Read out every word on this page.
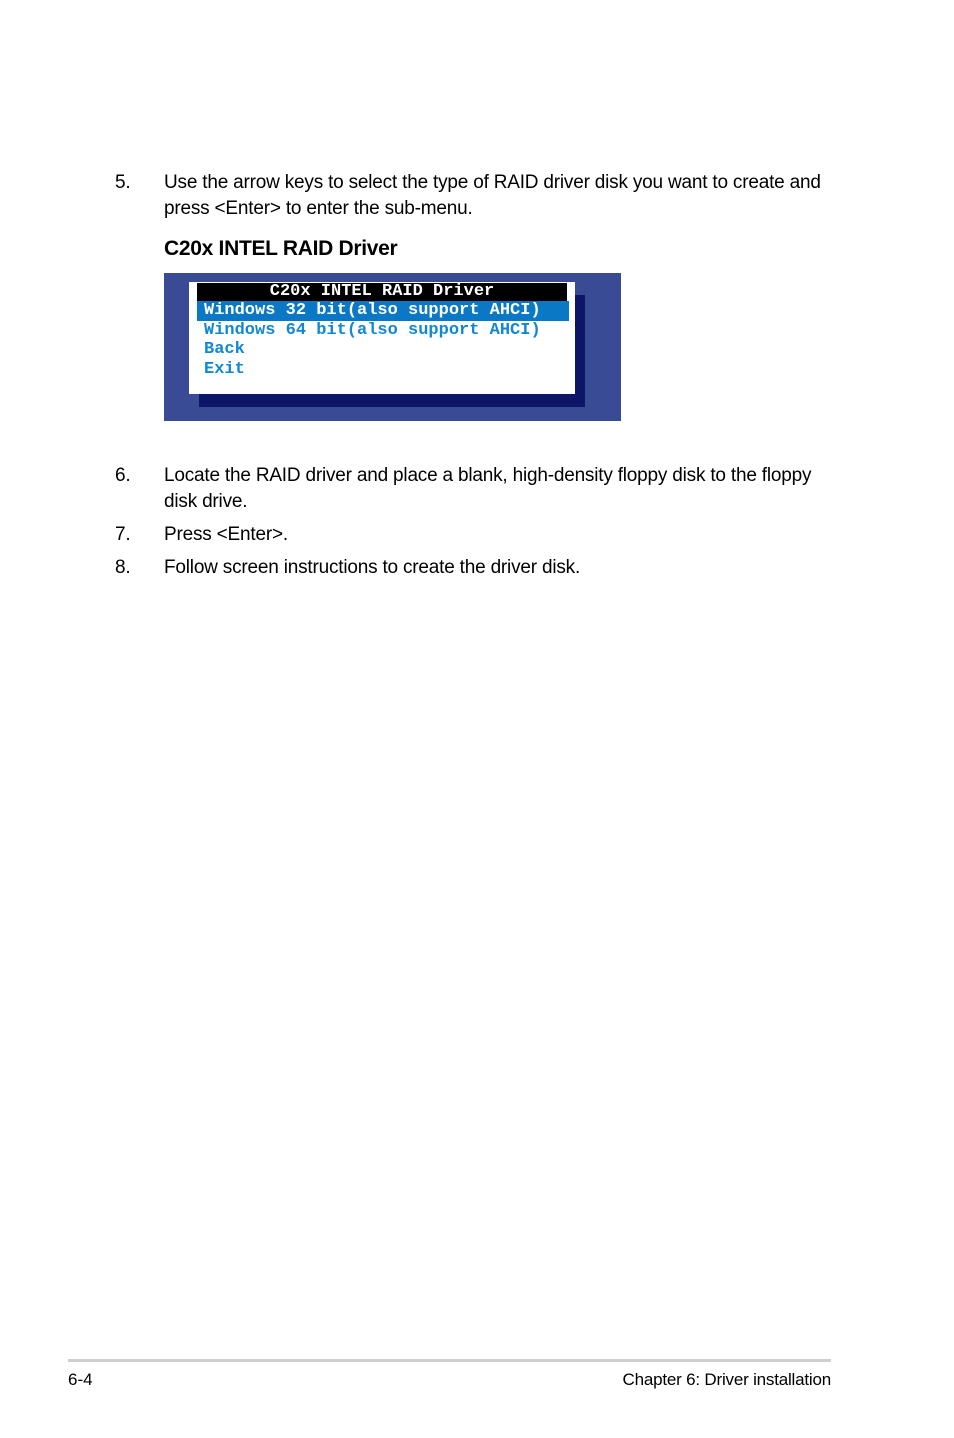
5. Use the arrow keys to select the type of RAID driver disk you want to create and press <Enter> to enter the sub-menu.
C20x INTEL RAID Driver
C20x INTEL RAID Driver
Windows 32 bit(also support AHCI)
Windows 64 bit(also support AHCI)
Back
Exit
6. Locate the RAID driver and place a blank, high-density floppy disk to the floppy disk drive.
7. Press <Enter>.
8. Follow screen instructions to create the driver disk.
6-4	Chapter 6: Driver installation
